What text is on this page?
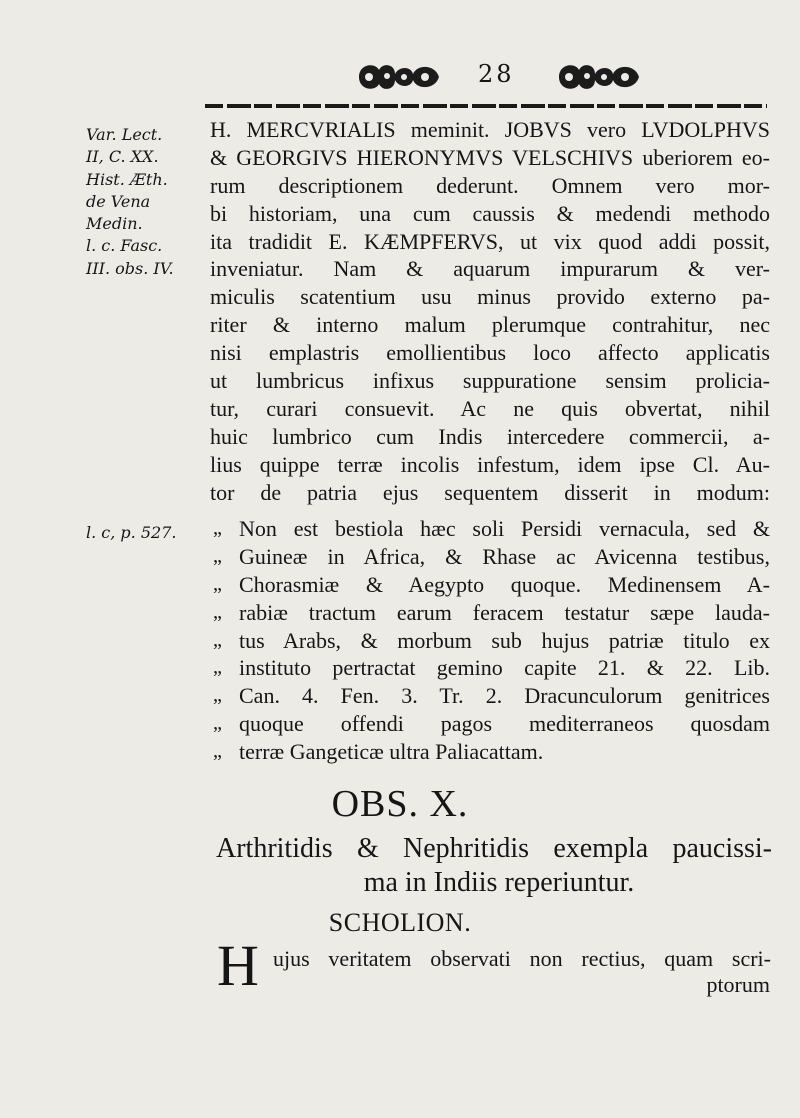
28
Var. Lect.
II, C. XX.
Hist. Æth.
de Vena
Medin.
l. c. Fasc.
III. obs. IV.
l. c, p. 527.
H. MERCVRIALIS meminit. JOBVS vero LVDOLPHVS
& GEORGIVS HIERONYMVS VELSCHIVS uberiorem eo-
rum descriptionem dederunt. Omnem vero mor-
bi historiam, una cum caussis & medendi methodo
ita tradidit E. KÆMPFERVS, ut vix quod addi possit,
inveniatur. Nam & aquarum impurarum & ver-
miculis scatentium usu minus provido externo pa-
riter & interno malum plerumque contrahitur, nec
nisi emplastris emollientibus loco affecto applicatis
ut lumbricus infixus suppuratione sensim prolicia-
tur, curari consuevit. Ac ne quis obvertat, nihil
huic lumbrico cum Indis intercedere commercii, a-
lius quippe terræ incolis infestum, idem ipse Cl. Au-
tor de patria ejus sequentem disserit in modum:
„ Non est bestiola hæc soli Persidi vernacula, sed &
„ Guineæ in Africa, & Rhase ac Avicenna testibus,
„ Chorasmiæ & Aegypto quoque. Medinensem A-
„ rabiæ tractum earum feracem testatur sæpe lauda-
„ tus Arabs, & morbum sub hujus patriæ titulo ex
„ instituto pertractat gemino capite 21. & 22. Lib.
„ Can. 4. Fen. 3. Tr. 2. Dracunculorum genitrices
„ quoque offendi pagos mediterraneos quosdam
„ terræ Gangeticæ ultra Paliacattam.
OBS. X.
Arthritidis & Nephritidis exempla paucissi-
ma in Indiis reperiuntur.
SCHOLION.
H ujus veritatem observati non rectius, quam scri-
ptorum
